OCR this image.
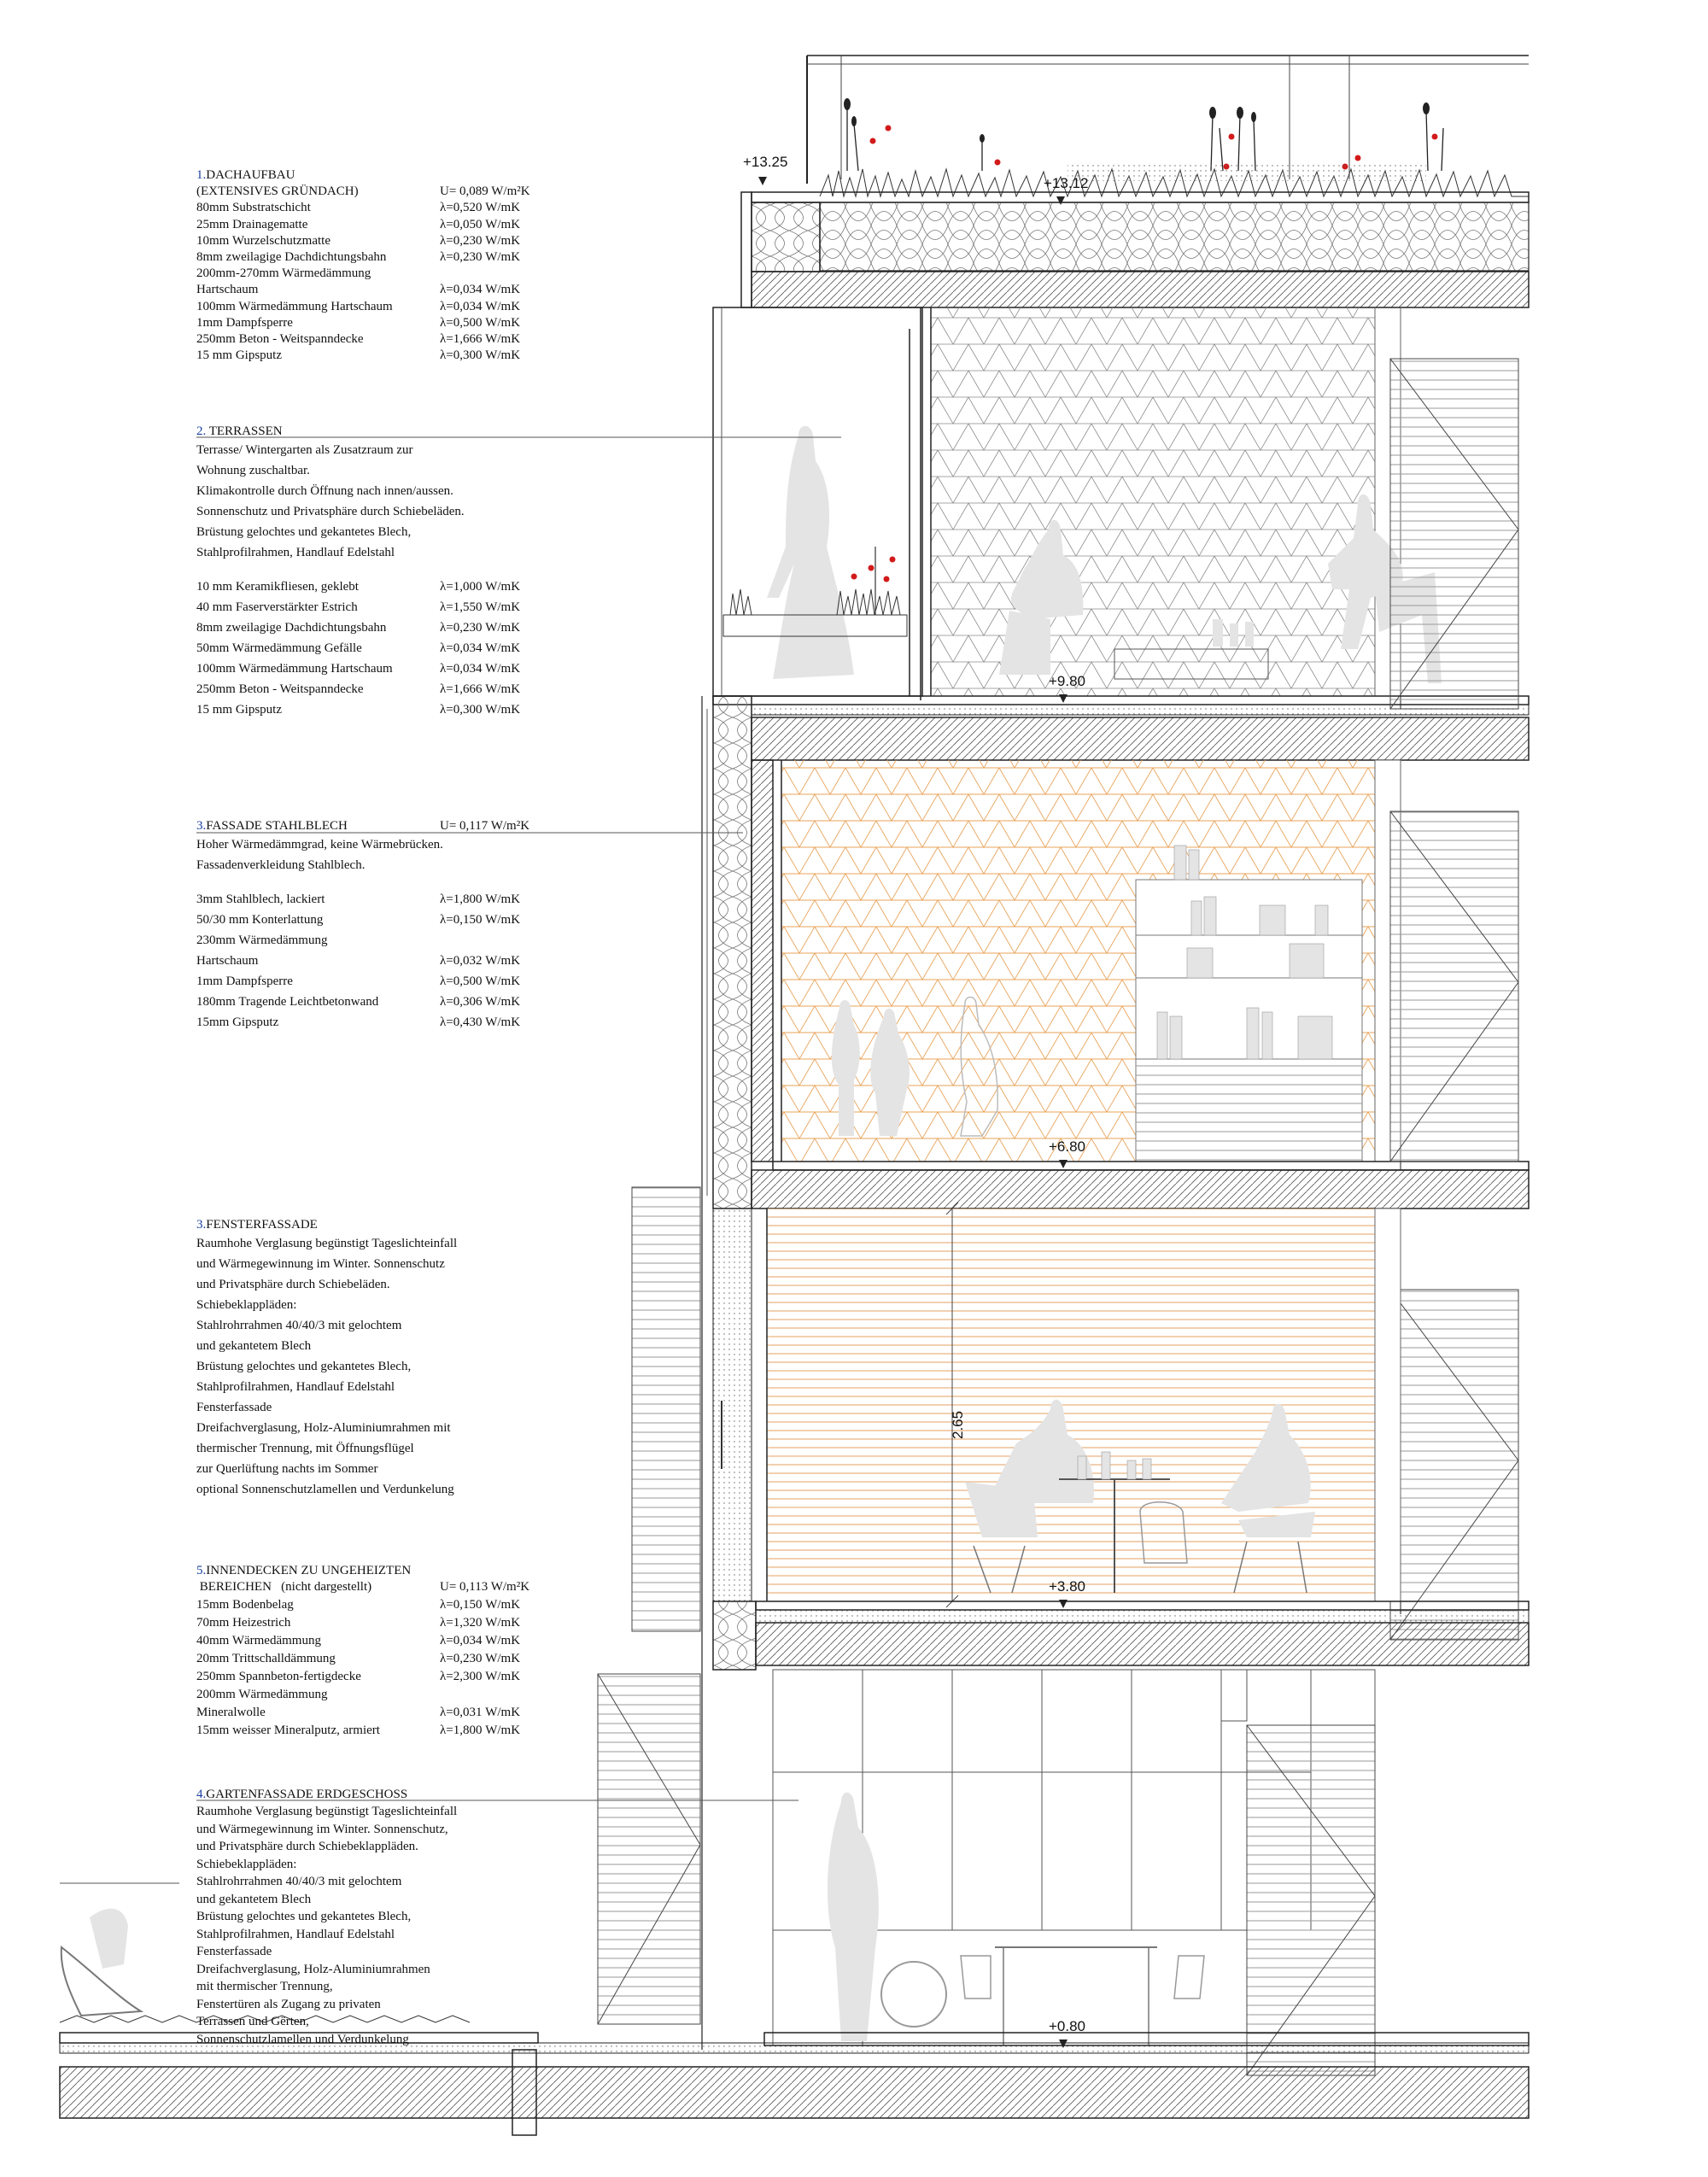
+13.25
+13.12
+9.80
+6.80
+3.80
+0.80
2.65
1.DACHAUFBAU
(EXTENSIVES GRÜNDACH)	U= 0,089 W/m²K
80mm Substratschicht	λ=0,520 W/mK
25mm Drainagematte	λ=0,050 W/mK
10mm Wurzelschutzmatte	λ=0,230 W/mK
8mm zweilagige Dachdichtungsbahn	λ=0,230 W/mK
200mm-270mm Wärmedämmung
Hartschaum	λ=0,034 W/mK
100mm Wärmedämmung Hartschaum	λ=0,034 W/mK
1mm Dampfsperre	λ=0,500 W/mK
250mm Beton - Weitspanndecke	λ=1,666 W/mK
15 mm Gipsputz	λ=0,300 W/mK
2. TERRASSEN
Terrasse/ Wintergarten als Zusatzraum zur
Wohnung zuschaltbar.
Klimakontrolle durch Öffnung nach innen/aussen.
Sonnenschutz und Privatsphäre durch Schiebeläden.
Brüstung gelochtes und gekantetes Blech,
Stahlprofilrahmen, Handlauf Edelstahl
10 mm Keramikfliesen, geklebt	λ=1,000 W/mK
40 mm Faserverstärkter Estrich	λ=1,550 W/mK
8mm zweilagige Dachdichtungsbahn	λ=0,230 W/mK
50mm Wärmedämmung Gefälle	λ=0,034 W/mK
100mm Wärmedämmung Hartschaum	λ=0,034 W/mK
250mm Beton - Weitspanndecke	λ=1,666 W/mK
15 mm Gipsputz	λ=0,300 W/mK
3.FASSADE STAHLBLECH	U= 0,117 W/m²K
Hoher Wärmedämmgrad, keine Wärmebrücken.
Fassadenverkleidung Stahlblech.
3mm Stahlblech, lackiert	λ=1,800 W/mK
50/30 mm Konterlattung	λ=0,150 W/mK
230mm Wärmedämmung
Hartschaum	λ=0,032 W/mK
1mm Dampfsperre	λ=0,500 W/mK
180mm Tragende Leichtbetonwand	λ=0,306 W/mK
15mm Gipsputz	λ=0,430 W/mK
3.FENSTERFASSADE
Raumhohe Verglasung begünstigt Tageslichteinfall
und Wärmegewinnung im Winter. Sonnenschutz
und Privatsphäre durch Schiebeläden.
Schiebeklappläden:
Stahlrohrrahmen 40/40/3 mit gelochtem
und gekantetem Blech
Brüstung gelochtes und gekantetes Blech,
Stahlprofilrahmen, Handlauf Edelstahl
Fensterfassade
Dreifachverglasung, Holz-Aluminiumrahmen mit
thermischer Trennung, mit Öffnungsflügel
zur Querlüftung nachts im Sommer
optional Sonnenschutzlamellen und Verdunkelung
5.INNENDECKEN ZU UNGEHEIZTEN
BEREICHEN   (nicht dargestellt)	U= 0,113 W/m²K
15mm Bodenbelag	λ=0,150 W/mK
70mm Heizestrich	λ=1,320 W/mK
40mm Wärmedämmung	λ=0,034 W/mK
20mm Trittschalldämmung	λ=0,230 W/mK
250mm Spannbeton-fertigdecke	λ=2,300 W/mK
200mm Wärmedämmung
Mineralwolle	λ=0,031 W/mK
15mm weisser Mineralputz, armiert	λ=1,800 W/mK
4.GARTENFASSADE ERDGESCHOSS
Raumhohe Verglasung begünstigt Tageslichteinfall
und Wärmegewinnung im Winter. Sonnenschutz,
und Privatsphäre durch Schiebeklappläden.
Schiebeklappläden:
Stahlrohrrahmen 40/40/3 mit gelochtem
und gekantetem Blech
Brüstung gelochtes und gekantetes Blech,
Stahlprofilrahmen, Handlauf Edelstahl
Fensterfassade
Dreifachverglasung, Holz-Aluminiumrahmen
mit thermischer Trennung,
Fenstertüren als Zugang zu privaten
Terrassen und Gërten,
Sonnenschutzlamellen und Verdunkelung
